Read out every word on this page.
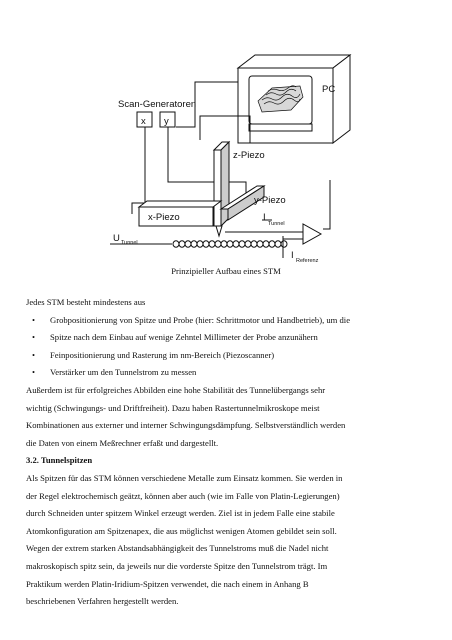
PC
Scan-Generatoren
x y
z-Piezo
y-Piezo
x-Piezo	I
Tunnel
U Tunnel
I Referenz
Prinzipieller Aufbau eines STM

Jedes STM besteht mindestens aus

• Grobpositionierung von Spitze und Probe (hier: Schrittmotor und Handbetrieb), um die
• Spitze nach dem Einbau auf wenige Zehntel Millimeter der Probe anzunähern
• Feinpositionierung und Rasterung im nm-Bereich (Piezoscanner)
• Verstärker um den Tunnelstrom zu messen

Außerdem ist für erfolgreiches Abbilden eine hohe Stabilität des Tunnelübergangs sehr

wichtig (Schwingungs- und Driftfreiheit). Dazu haben Rastertunnelmikroskope meist

Kombinationen aus externer und interner Schwingungsdämpfung. Selbstverständlich werden

die Daten von einem Meßrechner erfaßt und dargestellt.

3.2. Tunnelspitzen

Als Spitzen für das STM können verschiedene Metalle zum Einsatz kommen. Sie werden in

der Regel elektrochemisch geätzt, können aber auch (wie im Falle von Platin-Legierungen)

durch Schneiden unter spitzem Winkel erzeugt werden. Ziel ist in jedem Falle eine stabile

Atomkonfiguration am Spitzenapex, die aus möglichst wenigen Atomen gebildet sein soll.

Wegen der extrem starken Abstandsabhängigkeit des Tunnelstroms muß die Nadel nicht

makroskopisch spitz sein, da jeweils nur die vorderste Spitze den Tunnelstrom trägt. Im

Praktikum werden Platin-Iridium-Spitzen verwendet, die nach einem in Anhang B

beschriebenen Verfahren hergestellt werden.
